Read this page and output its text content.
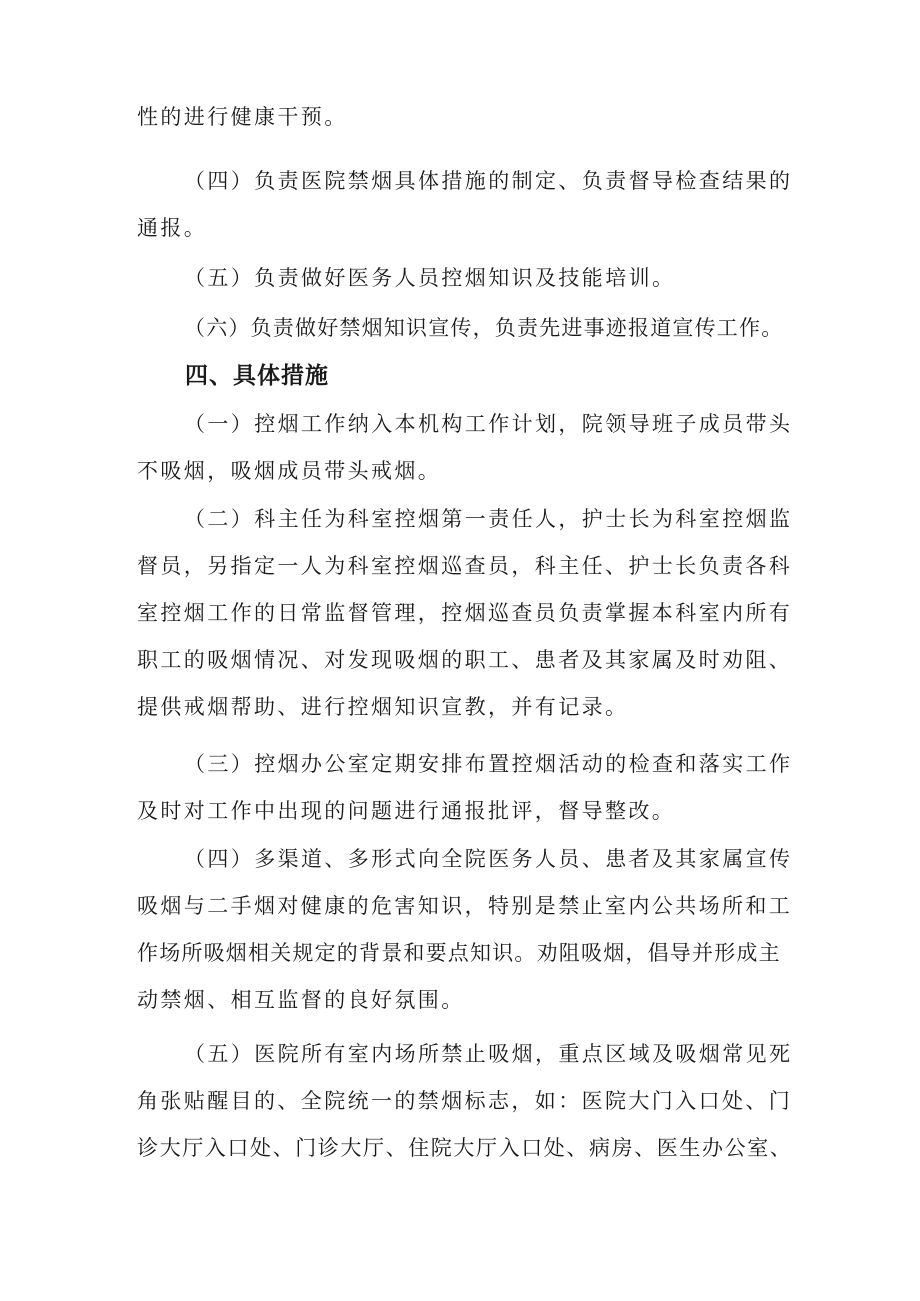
性的进行健康干预。

（四）负责医院禁烟具体措施的制定、负责督导检查结果的
通报。

（五）负责做好医务人员控烟知识及技能培训。

（六）负责做好禁烟知识宣传，负责先进事迹报道宣传工作。

四、具体措施

（一）控烟工作纳入本机构工作计划，院领导班子成员带头
不吸烟，吸烟成员带头戒烟。

（二）科主任为科室控烟第一责任人，护士长为科室控烟监
督员，另指定一人为科室控烟巡查员，科主任、护士长负责各科
室控烟工作的日常监督管理，控烟巡查员负责掌握本科室内所有
职工的吸烟情况、对发现吸烟的职工、患者及其家属及时劝阻、
提供戒烟帮助、进行控烟知识宣教，并有记录。

（三）控烟办公室定期安排布置控烟活动的检查和落实工作
及时对工作中出现的问题进行通报批评，督导整改。

（四）多渠道、多形式向全院医务人员、患者及其家属宣传
吸烟与二手烟对健康的危害知识，特别是禁止室内公共场所和工
作场所吸烟相关规定的背景和要点知识。劝阻吸烟，倡导并形成主
动禁烟、相互监督的良好氛围。

（五）医院所有室内场所禁止吸烟，重点区域及吸烟常见死
角张贴醒目的、全院统一的禁烟标志，如：医院大门入口处、门
诊大厅入口处、门诊大厅、住院大厅入口处、病房、医生办公室、
